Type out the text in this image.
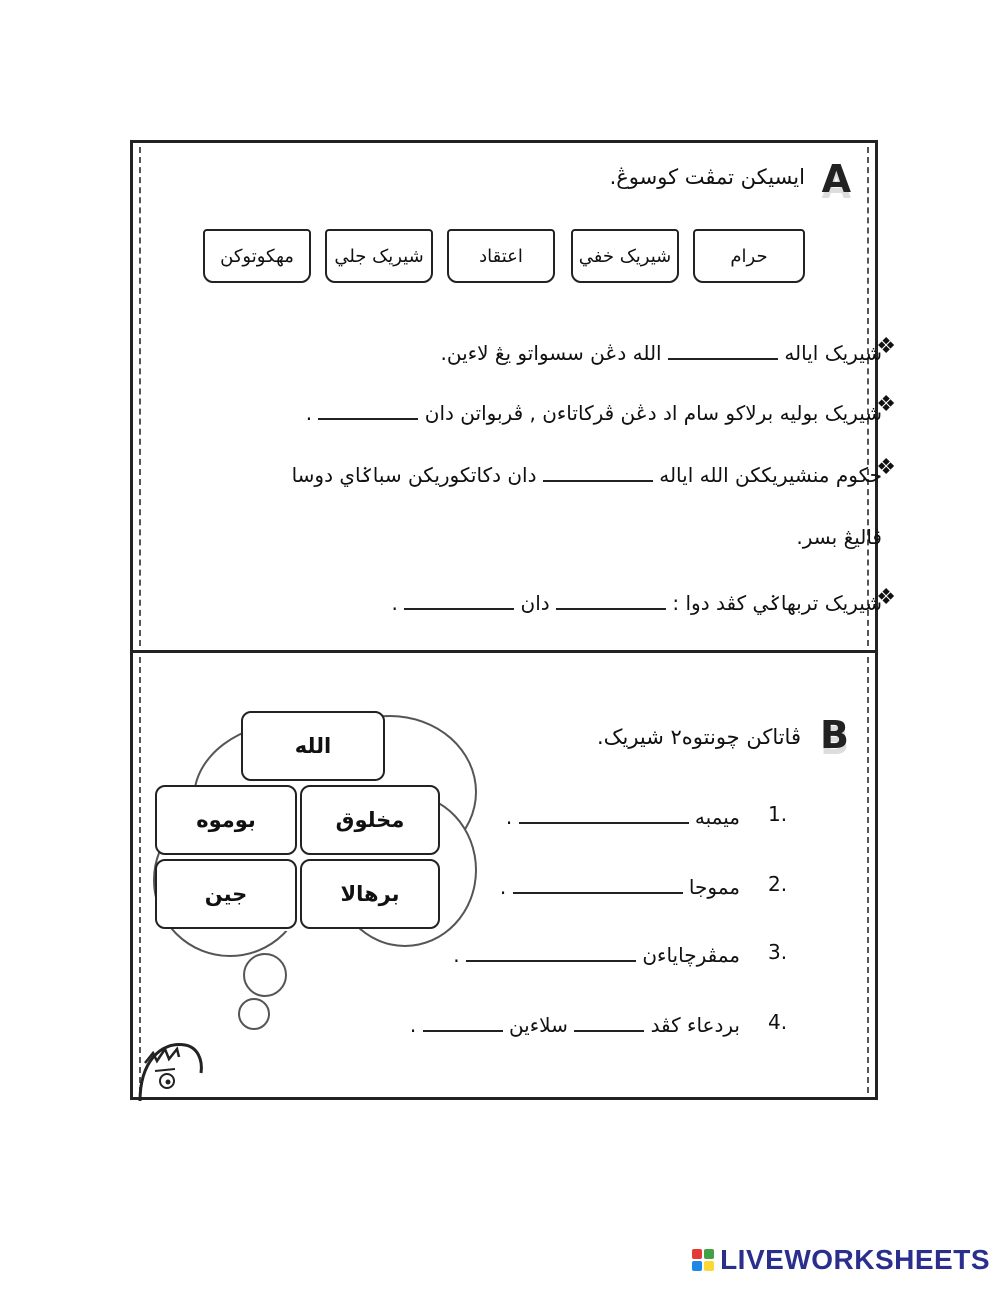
A
ايسيکن تمڤت کوسوڠ.
حرام
شيريک خفي
اعتقاد
شيريک جلي
مهکوتوکن
❖
شيريک اياله  الله دڠن سسواتو يڠ لاءين.
❖
شيريک بوليه برلاکو سام اد دڠن ڤرکاتاءن , ڤربواتن دان  .
❖
حکوم منشيريککن الله اياله  دان دکاتکوريکن سباݢاي دوسا
ڤاليڠ بسر.
❖
شيريک تربهاݢي کڤد دوا :  دان  .
B
ڤاتاکن چونتوه٢ شيريک.
الله
مخلوق
بوموه
برهالا
جين
1.
ميمبه  .
2.
مموجا  .
3.
ممڤرچاياءن  .
4.
بردعاء کڤد  سلاءين  .
LIVEWORKSHEETS
